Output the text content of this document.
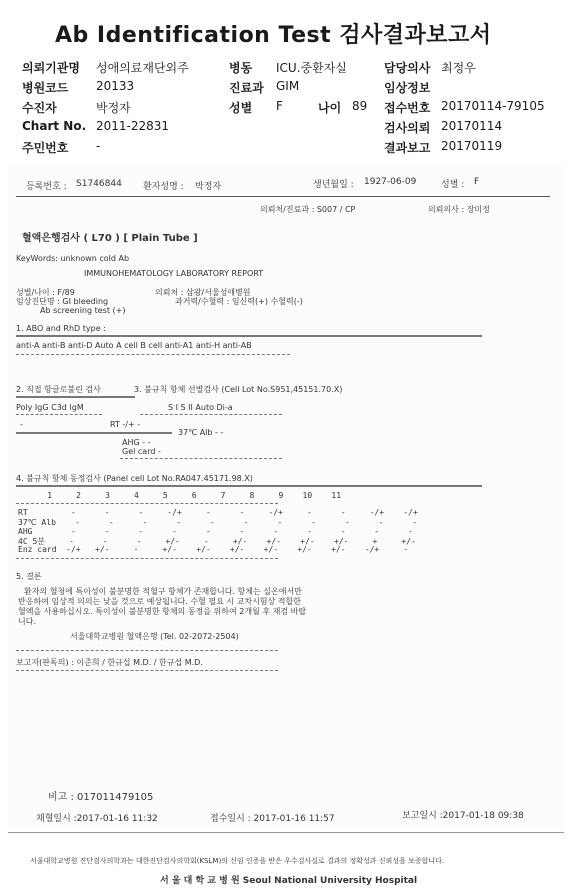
Ab Identification Test 검사결과보고서
의뢰기관명 성애의료재단외주
병원코드 20133
수진자	박정자
Chart No. 2011-22831
주민번호 -
병동 ICU.중환자실
진료과 GIM
성별 F	나이 89
담당의사 최정우
임상정보
접수번호 20170114-79105
검사의뢰 20170114
결과보고 20170119
등록번호 : S1746844 환자성명 : 박정자	생년월일 : 1927-06-09	성별 : F
의뢰처/진료과 : S007 / CP	의뢰의사 : 장미정
혈액은행검사 ( L70 ) [ Plain Tube ]
KeyWords: unknown cold Ab
IMMUNOHEMATOLOGY LABORATORY REPORT
성별/나이 : F/89	의뢰처 : 삼광/서울성애병원
임상진단명 : GI bleeding	과거력/수혈력 : 임신력(+) 수혈력(-)
Ab screening test (+)
1. ABO and RhD type :
anti-A anti-B anti-D Auto A cell B cell anti-A1 anti-H anti-AB
2. 직접 항글로불린 검사	3. 불규칙 항체 선별검사 (Cell Lot No.S951,45151.70.X)
Poly IgG C3d IgM	S I S II Auto Di-a
-	RT -/+ -
37℃ Alb - -
AHG - -
Gel card -
4. 불규칙 항체 동정검사 (Panel cell Lot No.RA047.45171.98.X)
1     2     3     4     5     6     7     8     9    10    11
RT         -      -      -     -/+     -      -     -/+     -      -     -/+    -/+
37℃ Alb    -      -      -      -      -      -      -      -      -      -      -
AHG        -      -      -      -      -      -      -      -      -      -      -
4C 5분     -      -      -     +/-     -     +/-    +/-    +/-    +/-     +     +/-
Enz card  -/+   +/-     -     +/-    +/-    +/-    +/-    +/-    +/-    -/+     -
5. 결론
환자의 혈청에 특이성이 불분명한 적혈구 항체가 존재합니다. 항체는 실온에서만
반응하여 임상적 의의는 낮을 것으로 예상됩니다. 수혈 필요 시 교차시험상 적합한
혈액을 사용하십시오. 특이성이 불분명한 항체의 동정을 위하여 2개월 후 재검 바랍
니다.
서울대학교병원 혈액은행 (Tel. 02-2072-2504)
보고자(판독의) : 이준희 / 한규섭 M.D. / 한규섭 M.D.
비고 : 017011479105
채혈일시 :2017-01-16 11:32	접수일시 : 2017-01-16 11:57	보고일시 :2017-01-18 09:38
서울대학교병원 진단검사의학과는 대한진단검사의학회(KSLM)의 신임 인증을 받은 우수검사실로 결과의 정확성과 신뢰성을 보증합니다.
서 울 대 학 교 병 원 Seoul National University Hospital
